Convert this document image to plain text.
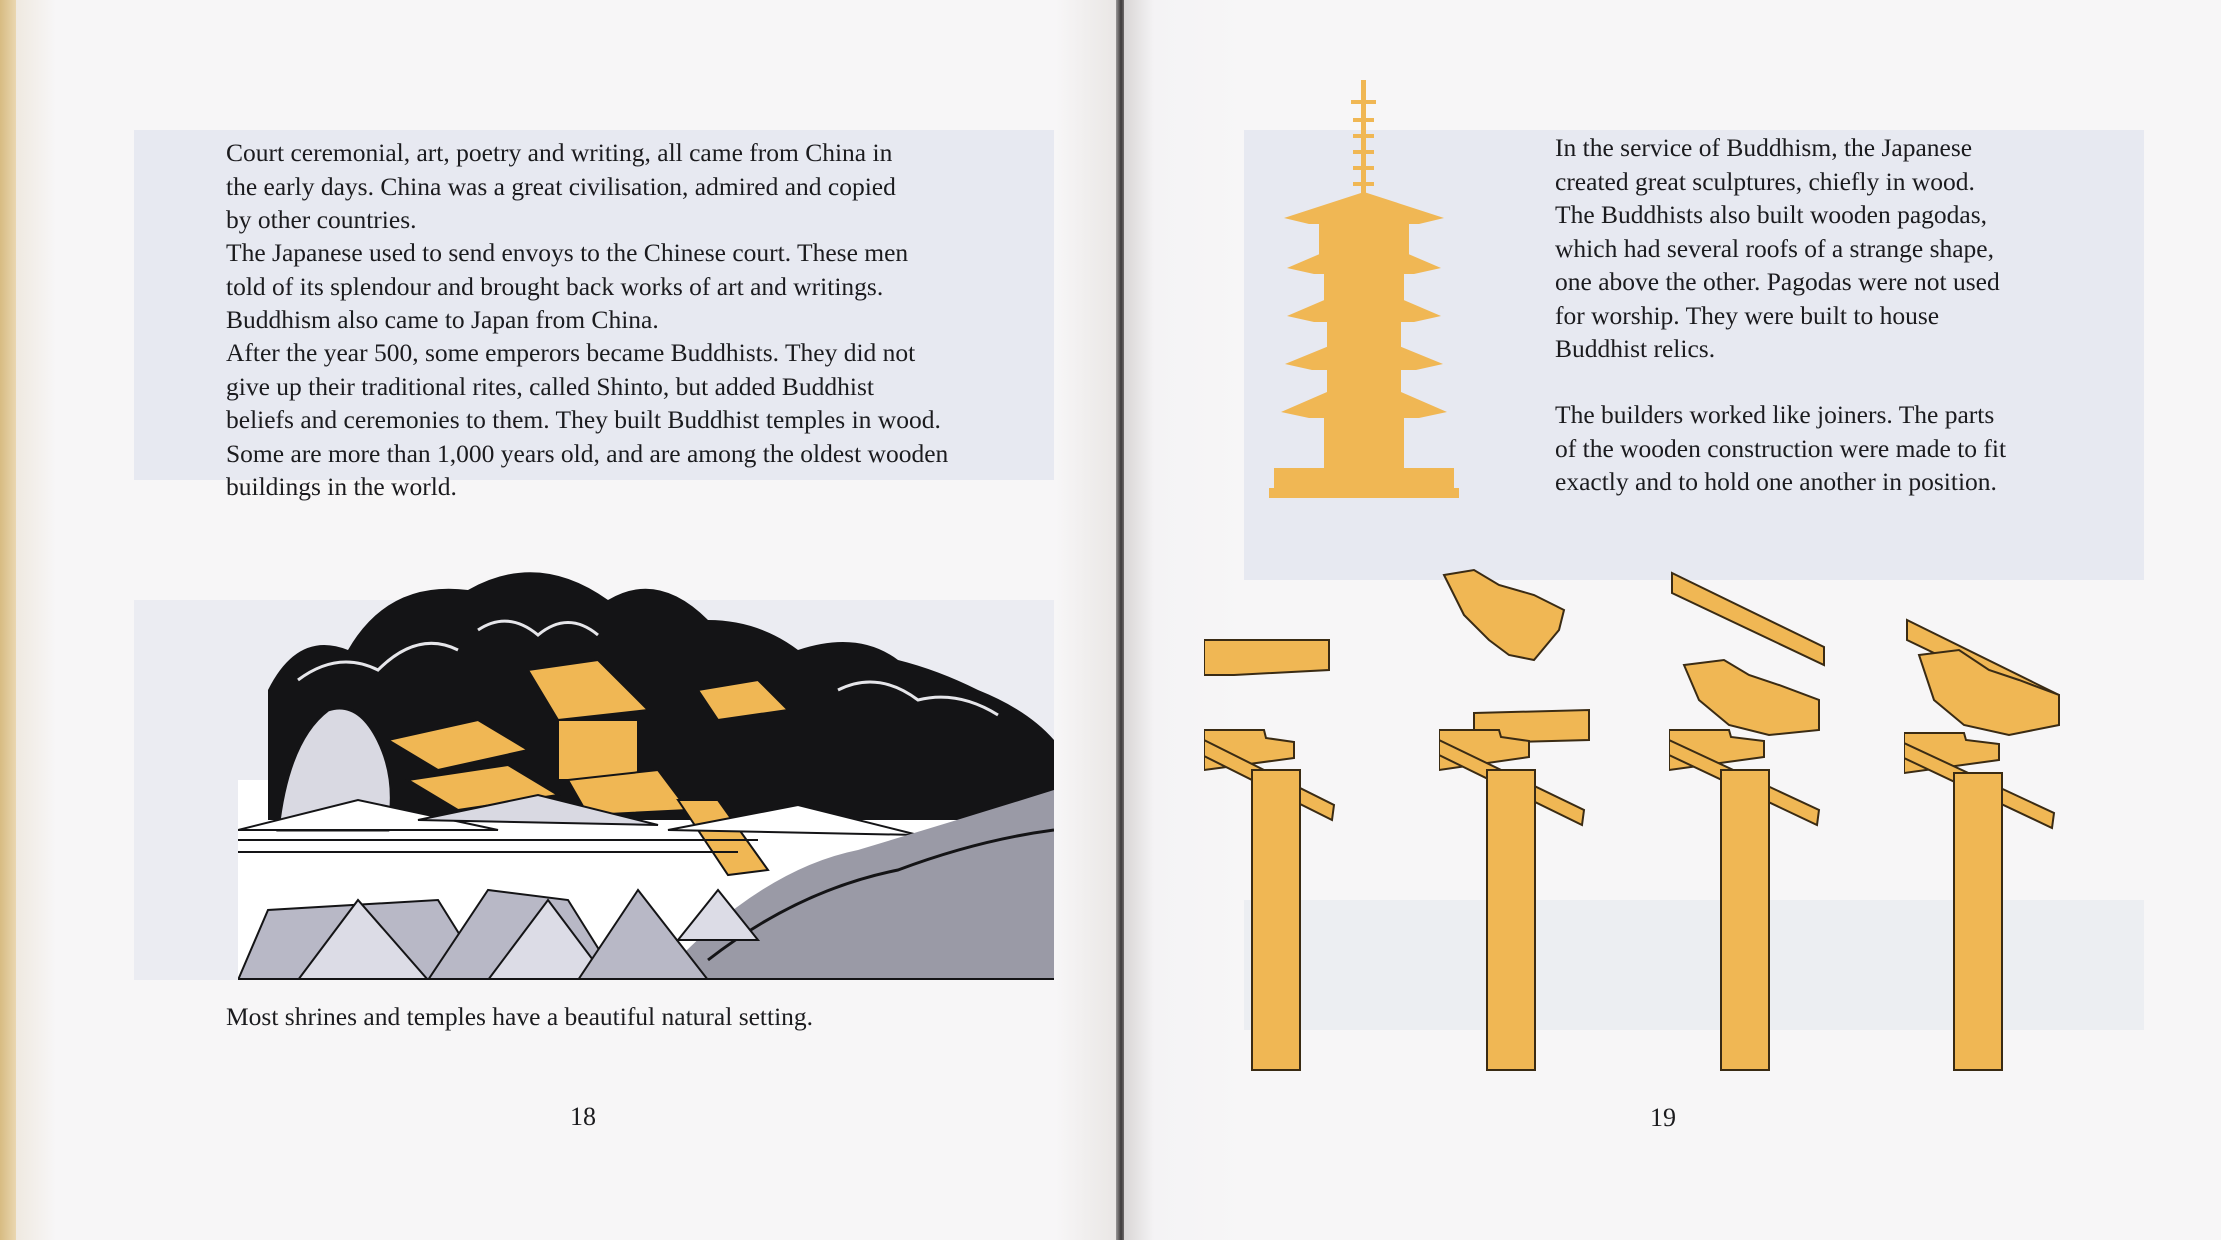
Court ceremonial, art, poetry and writing, all came from China in
the early days. China was a great civilisation, admired and copied
by other countries.

The Japanese used to send envoys to the Chinese court. These men
told of its splendour and brought back works of art and writings.
Buddhism also came to Japan from China.

After the year 500, some emperors became Buddhists. They did not
give up their traditional rites, called Shinto, but added Buddhist
beliefs and ceremonies to them. They built Buddhist temples in wood.
Some are more than 1,000 years old, and are among the oldest wooden
buildings in the world.

Most shrines and temples have a beautiful natural setting.

18

In the service of Buddhism, the Japanese
created great sculptures, chiefly in wood.
The Buddhists also built wooden pagodas,
which had several roofs of a strange shape,
one above the other. Pagodas were not used
for worship. They were built to house
Buddhist relics.

The builders worked like joiners. The parts
of the wooden construction were made to fit
exactly and to hold one another in position.

19
